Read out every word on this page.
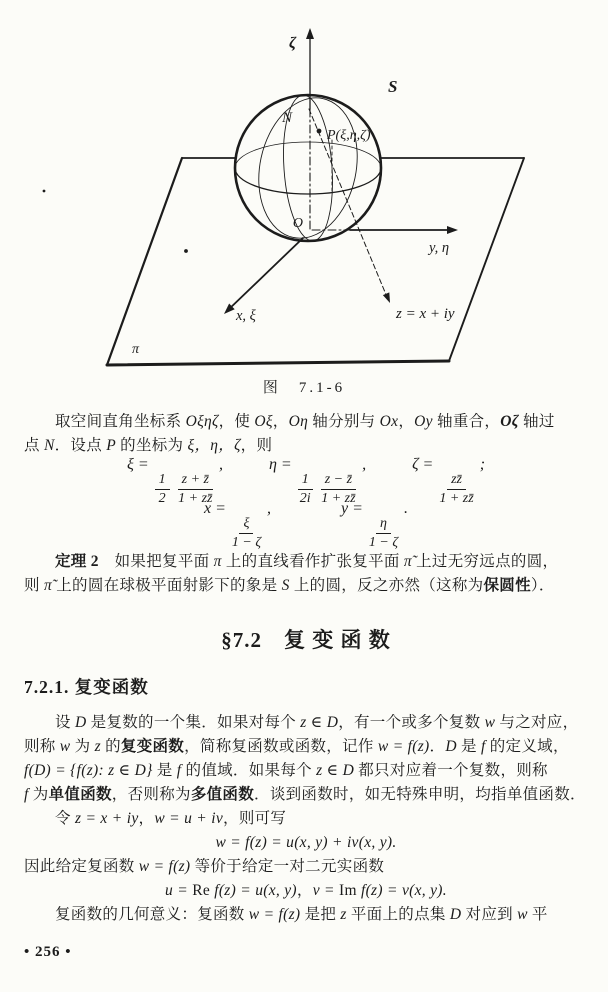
ζ
S
N
P(ξ,η,ζ)
O
y, η
x, ξ	z = x + iy
π
图　7.1-6
取空间直角坐标系 Oξηζ，使 Oξ，Oη 轴分别与 Ox，Oy 轴重合，Oζ 轴过
点 N．设点 P 的坐标为 ξ，η，ζ，则
ξ =
$\frac{1}{2}$
$\frac{z + z̄}{1 + zz̄}$
,	η =
$\frac{1}{2i}$
$\frac{z - z̄}{1 + zz̄}$
,	ζ =
$\frac{zz̄}{1 + zz̄}$
;
x =
$\frac{\xi}{1 - \zeta}$
,	y =
$\frac{\eta}{1 - \zeta}$
.
定理 2　如果把复平面 π 上的直线看作扩张复平面 π̃ 上过无穷远点的圆，
则 π̃ 上的圆在球极平面射影下的象是 S 上的圆，反之亦然（这称为保圆性）．
§7.2　复 变 函 数
7.2.1. 复变函数
设 D 是复数的一个集．如果对每个 z ∈ D，有一个或多个复数 w 与之对应，
则称 w 为 z 的复变函数，简称复函数或函数，记作 w = f(z)．D 是 f 的定义域，
f(D) = {f(z): z ∈ D} 是 f 的值域．如果每个 z ∈ D 都只对应着一个复数，则称
f 为单值函数，否则称为多值函数．谈到函数时，如无特殊申明，均指单值函数．
令 z = x + iy，w = u + iv，则可写
w = f(z) = u(x, y) + iv(x, y).
因此给定复函数 w = f(z) 等价于给定一对二元实函数
u = Re f(z) = u(x, y)，v = Im f(z) = v(x, y).
复函数的几何意义：复函数 w = f(z) 是把 z 平面上的点集 D 对应到 w 平
• 256 •
